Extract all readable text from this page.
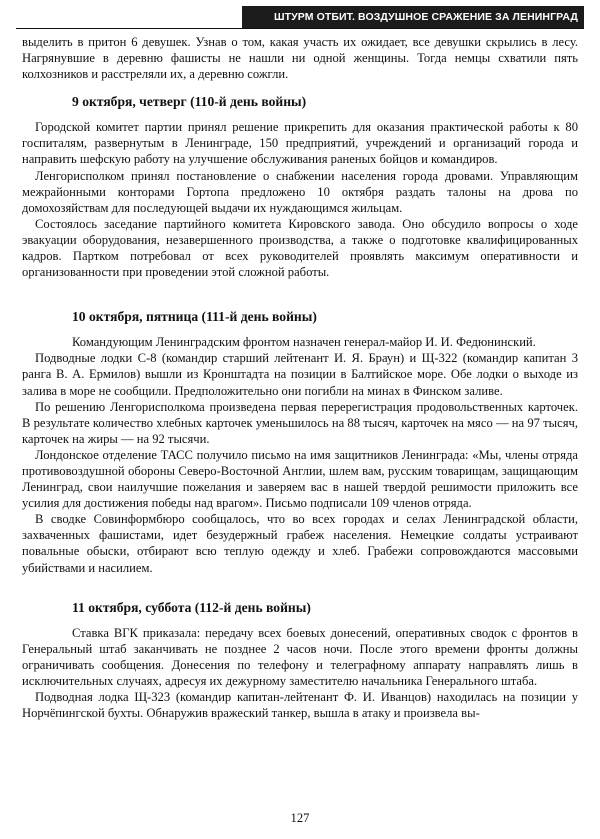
ШТУРМ ОТБИТ. ВОЗДУШНОЕ СРАЖЕНИЕ ЗА ЛЕНИНГРАД

выделить в притон 6 девушек. Узнав о том, какая участь их ожидает, все девушки скрылись в лесу. Нагрянувшие в деревню фашисты не нашли ни одной женщины. Тогда немцы схватили пять колхозников и расстреляли их, а деревню сожгли.

9 октября, четверг (110-й день войны)

Городской комитет партии принял решение прикрепить для оказания практической работы к 80 госпиталям, развернутым в Ленинграде, 150 предприятий, учреждений и организаций города и направить шефскую работу на улучшение обслуживания раненых бойцов и командиров.

Ленгорисполком принял постановление о снабжении населения города дровами. Управляющим межрайонными конторами Гортопа предложено 10 октября раздать талоны на дрова по домохозяйствам для последующей выдачи их нуждающимся жильцам.

Состоялось заседание партийного комитета Кировского завода. Оно обсудило вопросы о ходе эвакуации оборудования, незавершенного производства, а также о подготовке квалифицированных кадров. Партком потребовал от всех руководителей проявлять максимум оперативности и организованности при проведении этой сложной работы.

10 октября, пятница (111-й день войны)

Командующим Ленинградским фронтом назначен генерал-майор И. И. Федюнинский.

Подводные лодки С-8 (командир старший лейтенант И. Я. Браун) и Щ-322 (командир капитан 3 ранга В. А. Ермилов) вышли из Кронштадта на позиции в Балтийское море. Обе лодки о выходе из залива в море не сообщили. Предположительно они погибли на минах в Финском заливе.

По решению Ленгорисполкома произведена первая перерегистрация продовольственных карточек. В результате количество хлебных карточек уменьшилось на 88 тысяч, карточек на мясо — на 97 тысяч, карточек на жиры — на 92 тысячи.

Лондонское отделение ТАСС получило письмо на имя защитников Ленинграда: «Мы, члены отряда противовоздушной обороны Северо-Восточной Англии, шлем вам, русским товарищам, защищающим Ленинград, свои наилучшие пожелания и заверяем вас в нашей твердой решимости приложить все усилия для достижения победы над врагом». Письмо подписали 109 членов отряда.

В сводке Совинформбюро сообщалось, что во всех городах и селах Ленинградской области, захваченных фашистами, идет безудержный грабеж населения. Немецкие солдаты устраивают повальные обыски, отбирают всю теплую одежду и хлеб. Грабежи сопровождаются массовыми убийствами и насилием.

11 октября, суббота (112-й день войны)

Ставка ВГК приказала: передачу всех боевых донесений, оперативных сводок с фронтов в Генеральный штаб заканчивать не позднее 2 часов ночи. После этого времени фронты должны ограничивать сообщения. Донесения по телефону и телеграфному аппарату направлять лишь в исключительных случаях, адресуя их дежурному заместителю начальника Генерального штаба.

Подводная лодка Щ-323 (командир капитан-лейтенант Ф. И. Иванцов) находилась на позиции у Норчёпингской бухты. Обнаружив вражеский танкер, вышла в атаку и произвела вы-

127
